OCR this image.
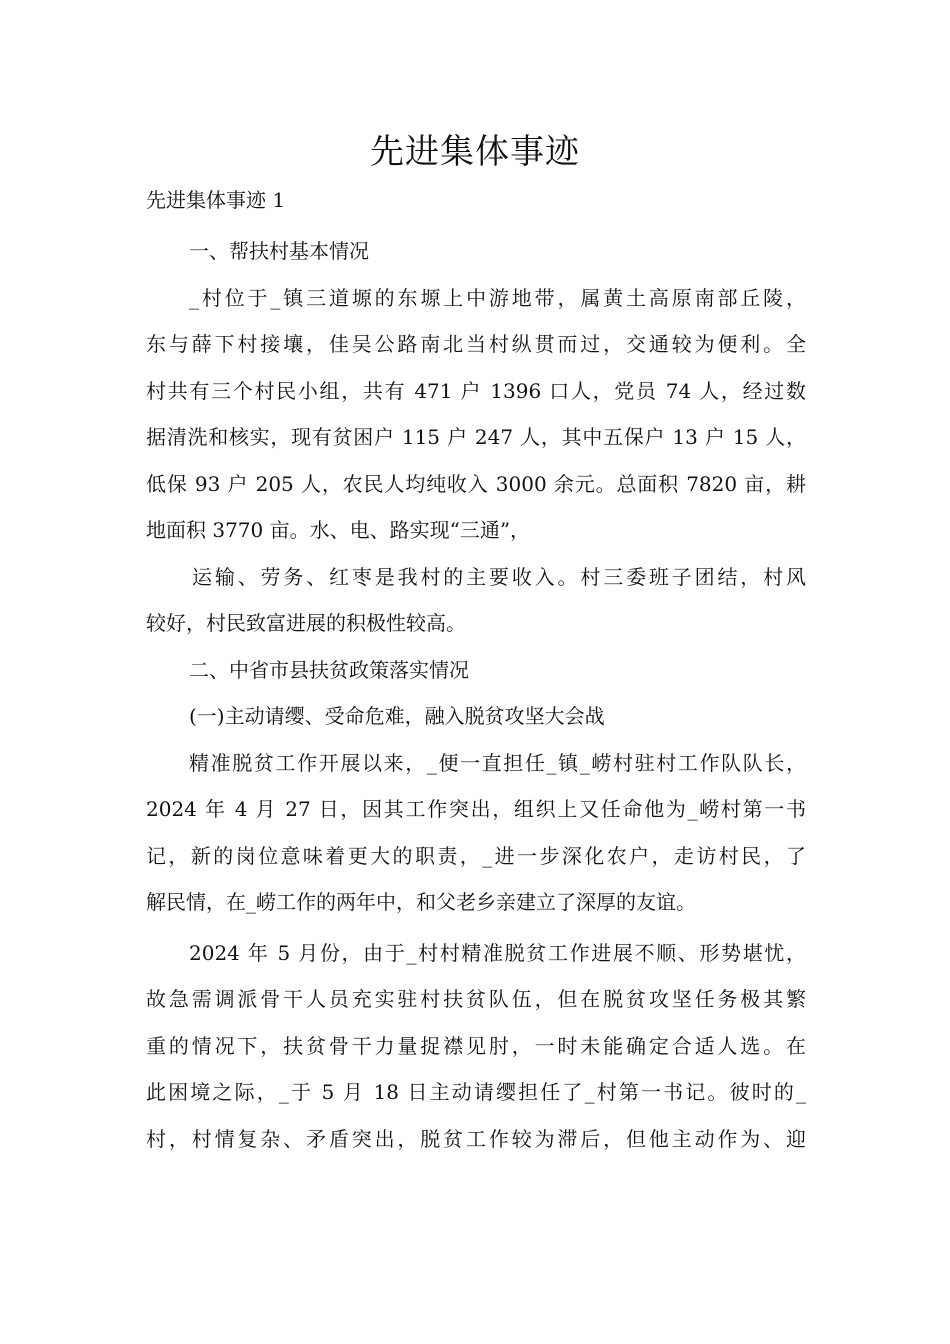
先进集体事迹
先进集体事迹 1

一、帮扶村基本情况

_村位于_镇三道塬的东塬上中游地带，属黄土高原南部丘陵，
东与薛下村接壤，佳吴公路南北当村纵贯而过，交通较为便利。全
村共有三个村民小组，共有 471 户 1396 口人，党员 74 人，经过数
据清洗和核实，现有贫困户 115 户 247 人，其中五保户 13 户 15 人，
低保 93 户 205 人，农民人均纯收入 3000 余元。总面积 7820 亩，耕
地面积 3770 亩。水、电、路实现“三通”，

运输、劳务、红枣是我村的主要收入。村三委班子团结，村风
较好，村民致富进展的积极性较高。

二、中省市县扶贫政策落实情况

(一)主动请缨、受命危难，融入脱贫攻坚大会战

精准脱贫工作开展以来，_便一直担任_镇_崂村驻村工作队队长，
2024 年 4 月 27 日，因其工作突出，组织上又任命他为_崂村第一书
记，新的岗位意味着更大的职责，_进一步深化农户，走访村民，了
解民情，在_崂工作的两年中，和父老乡亲建立了深厚的友谊。

2024 年 5 月份，由于_村村精准脱贫工作进展不顺、形势堪忧，
故急需调派骨干人员充实驻村扶贫队伍，但在脱贫攻坚任务极其繁
重的情况下，扶贫骨干力量捉襟见肘，一时未能确定合适人选。在
此困境之际，_于 5 月 18 日主动请缨担任了_村第一书记。彼时的_
村，村情复杂、矛盾突出，脱贫工作较为滞后，但他主动作为、迎
